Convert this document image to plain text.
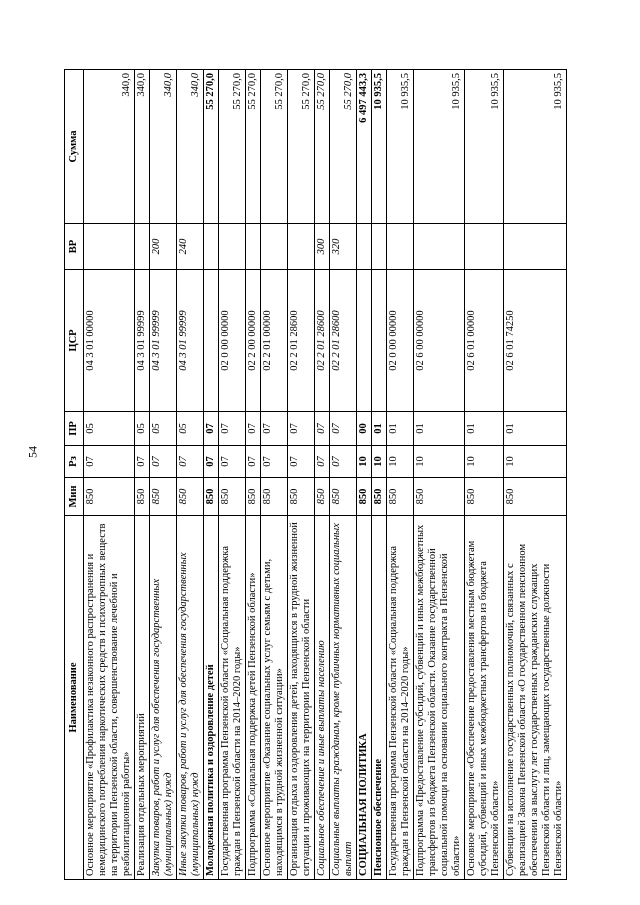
54
Наименование	Мин	Рз	ПР	ЦСР	ВР	Сумма
Основное мероприятие «Профилактика незаконного распространения и немедицинского потребления наркотических средств и психотропных веществ на территории Пензенской области, совершенствование лечебной и реабилитационной работы»	850	07	05	04 3 01 00000		340,0
Реализация отдельных мероприятий	850	07	05	04 3 01 99999		340,0
Закупка товаров, работ и услуг для обеспечения государственных (муниципальных) нужд	850	07	05	04 3 01 99999	200	340,0
Иные закупки товаров, работ и услуг для обеспечения государственных (муниципальных) нужд	850	07	05	04 3 01 99999	240	340,0
Молодежная политика и оздоровление детей	850	07	07			55 270,0
Государственная программа Пензенской области «Социальная поддержка граждан в Пензенской области на 2014–2020 годы»	850	07	07	02 0 00 00000		55 270,0
Подпрограмма «Социальная поддержка детей Пензенской области»	850	07	07	02 2 00 00000		55 270,0
Основное мероприятие «Оказание социальных услуг семьям с детьми, находящимся в трудной жизненной ситуации»	850	07	07	02 2 01 00000		55 270,0
Организация отдыха и оздоровления детей, находящихся в трудной жизненной ситуации и проживающих на территории Пензенской области	850	07	07	02 2 01 28600		55 270,0
Социальное обеспечение и иные выплаты населению	850	07	07	02 2 01 28600	300	55 270,0
Социальные выплаты гражданам, кроме публичных нормативных социальных выплат	850	07	07	02 2 01 28600	320	55 270,0
СОЦИАЛЬНАЯ ПОЛИТИКА	850	10	00			6 497 443,3
Пенсионное обеспечение	850	10	01			10 935,5
Государственная программа Пензенской области «Социальная поддержка граждан в Пензенской области на 2014–2020 годы»	850	10	01	02 0 00 00000		10 935,5
Подпрограмма «Предоставление субсидий, субвенций и иных межбюджетных трансфертов из бюджета Пензенской области. Оказание государственной социальной помощи на основании социального контракта в Пензенской области»	850	10	01	02 6 00 00000		10 935,5
Основное мероприятие «Обеспечение предоставления местным бюджетам субсидий, субвенций и иных межбюджетных трансфертов из бюджета Пензенской области»	850	10	01	02 6 01 00000		10 935,5
Субвенции на исполнение государственных полномочий, связанных с реализацией Закона Пензенской области «О государственном пенсионном обеспечении за выслугу лет государственных гражданских служащих Пензенской области и лиц, замещающих государственные должности Пензенской области»	850	10	01	02 6 01 74250		10 935,5
